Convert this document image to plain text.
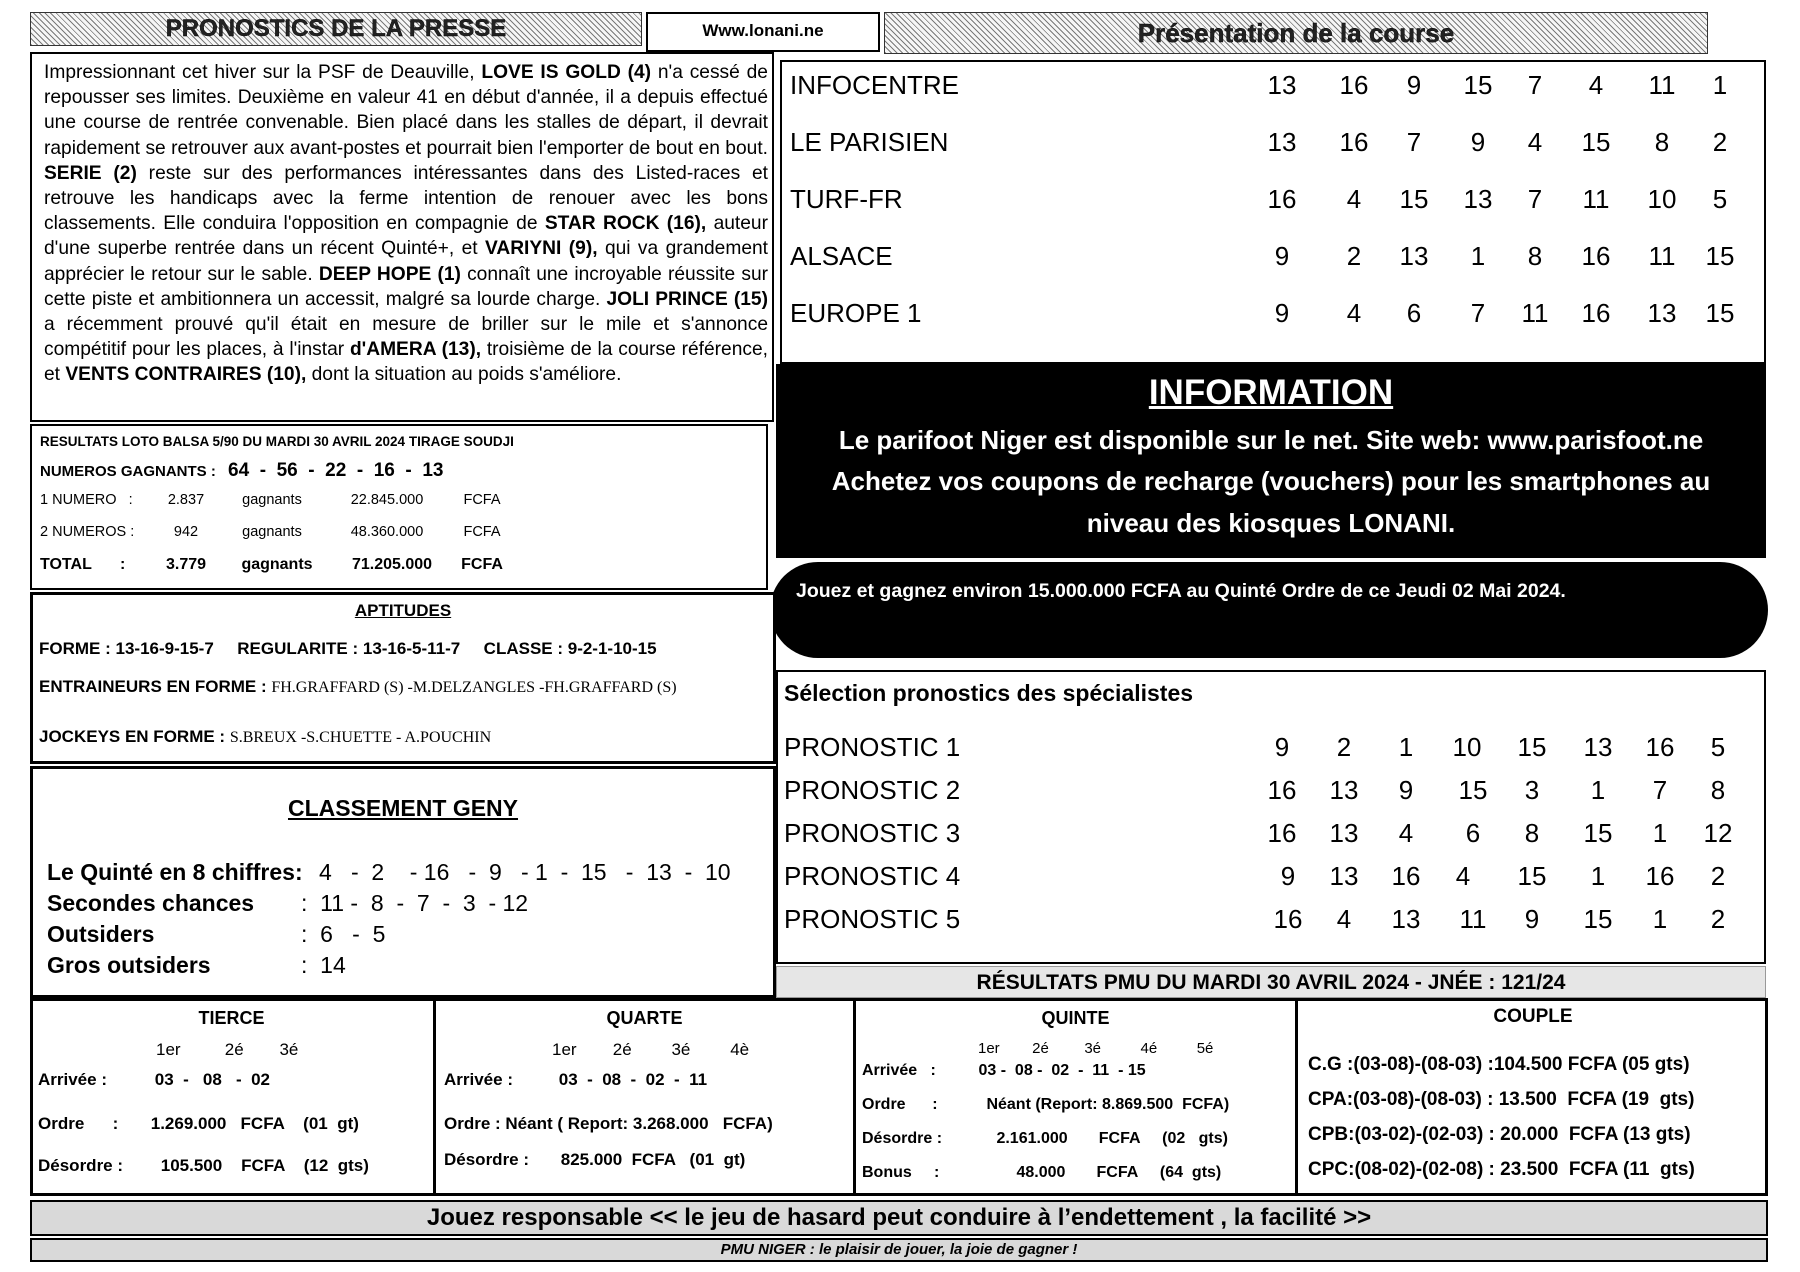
PRONOSTICS DE LA PRESSE	Www.lonani.ne	Présentation de la course
Impressionnant cet hiver sur la PSF de Deauville, LOVE IS GOLD (4) n'a cessé de repousser ses limites. Deuxième en valeur 41 en début d'année, il a depuis effectué une course de rentrée convenable. Bien placé dans les stalles de départ, il devrait rapidement se retrouver aux avant-postes et pourrait bien l'emporter de bout en bout. SERIE (2) reste sur des performances intéressantes dans des Listed-races et retrouve les handicaps avec la ferme intention de renouer avec les bons classements. Elle conduira l'opposition en compagnie de STAR ROCK (16), auteur d'une superbe rentrée dans un récent Quinté+, et VARIYNI (9), qui va grandement apprécier le retour sur le sable. DEEP HOPE (1) connaît une incroyable réussite sur cette piste et ambitionnera un accessit, malgré sa lourde charge. JOLI PRINCE (15) a récemment prouvé qu'il était en mesure de briller sur le mile et s'annonce compétitif pour les places, à l'instar d'AMERA (13), troisième de la course référence, et VENTS CONTRAIRES (10), dont la situation au poids s'améliore.
INFOCENTRE	13	16	9	15	7	4	11	1
LE PARISIEN	13	16	7	9	4	15	8	2
TURF-FR	16	4	15	13	7	11	10	5
ALSACE	9	2	13	1	8	16	11	15
EUROPE 1	9	4	6	7	11	16	13	15
INFORMATION
Le parifoot Niger est disponible sur le net. Site web: www.parisfoot.ne
Achetez vos coupons de recharge (vouchers) pour les smartphones au niveau des kiosques LONANI.
Jouez et gagnez environ 15.000.000 FCFA au Quinté Ordre de ce Jeudi 02 Mai 2024.
RESULTATS LOTO BALSA 5/90 DU MARDI 30 AVRIL 2024 TIRAGE SOUDJI
NUMEROS GAGNANTS : 64  -  56  -  22  -  16  -  13
1 NUMERO   :	2.837	gagnants	22.845.000	FCFA
2 NUMEROS :	942	gagnants	48.360.000	FCFA
TOTAL	:	3.779	gagnants	71.205.000	FCFA
APTITUDES
FORME : 13-16-9-15-7 REGULARITE : 13-16-5-11-7 CLASSE : 9-2-1-10-15
ENTRAINEURS EN FORME : FH.GRAFFARD (S) -M.DELZANGLES -FH.GRAFFARD (S)
JOCKEYS EN FORME : S.BREUX -S.CHUETTE - A.POUCHIN
Sélection pronostics des spécialistes
PRONOSTIC 1	9	2	1	10	15	13	16	5
PRONOSTIC 2	16	13	9	15	3	1	7	8
PRONOSTIC 3	16	13	4	6	8	15	1	12
PRONOSTIC 4	9	13	16	4	15	1	16	2
PRONOSTIC 5	16	4	13	11	9	15	1	2
CLASSEMENT GENY
Le Quinté en 8 chiffres: 4   -  2    - 16   -  9   - 1  -  15   -  13  -  10
Secondes chances :  11 -  8  -  7  -  3  - 12
Outsiders	:  6   -  5
Gros outsiders	:  14
RÉSULTATS PMU DU MARDI 30 AVRIL 2024 - JNÉE : 121/24
TIERCE
1er	2é 3é
Arrivée :	03  -   08   -  02
Ordre      : 1.269.000   FCFA    (01  gt)
Désordre : 105.500    FCFA    (12  gts)
QUARTE
1er 2é 3é 4è
Arrivée :	03  -  08  -  02  -  11
Ordre : Néant ( Report: 3.268.000   FCFA)
Désordre : 825.000  FCFA   (01  gt)
QUINTE
1er 2é 3é	4é	5é
Arrivée   :	03 -  08 -  02  -  11  - 15
Ordre      :	Néant (Report: 8.869.500  FCFA)
Désordre :	2.161.000       FCFA     (02   gts)
Bonus     :	48.000       FCFA     (64  gts)
COUPLE
C.G :(03-08)-(08-03) :104.500 FCFA (05 gts)
CPA:(03-08)-(08-03) : 13.500  FCFA (19  gts)
CPB:(03-02)-(02-03) : 20.000  FCFA (13 gts)
CPC:(08-02)-(02-08) : 23.500  FCFA (11  gts)
Jouez responsable << le jeu de hasard peut conduire à l’endettement , la facilité >>
PMU NIGER : le plaisir de jouer, la joie de gagner !
